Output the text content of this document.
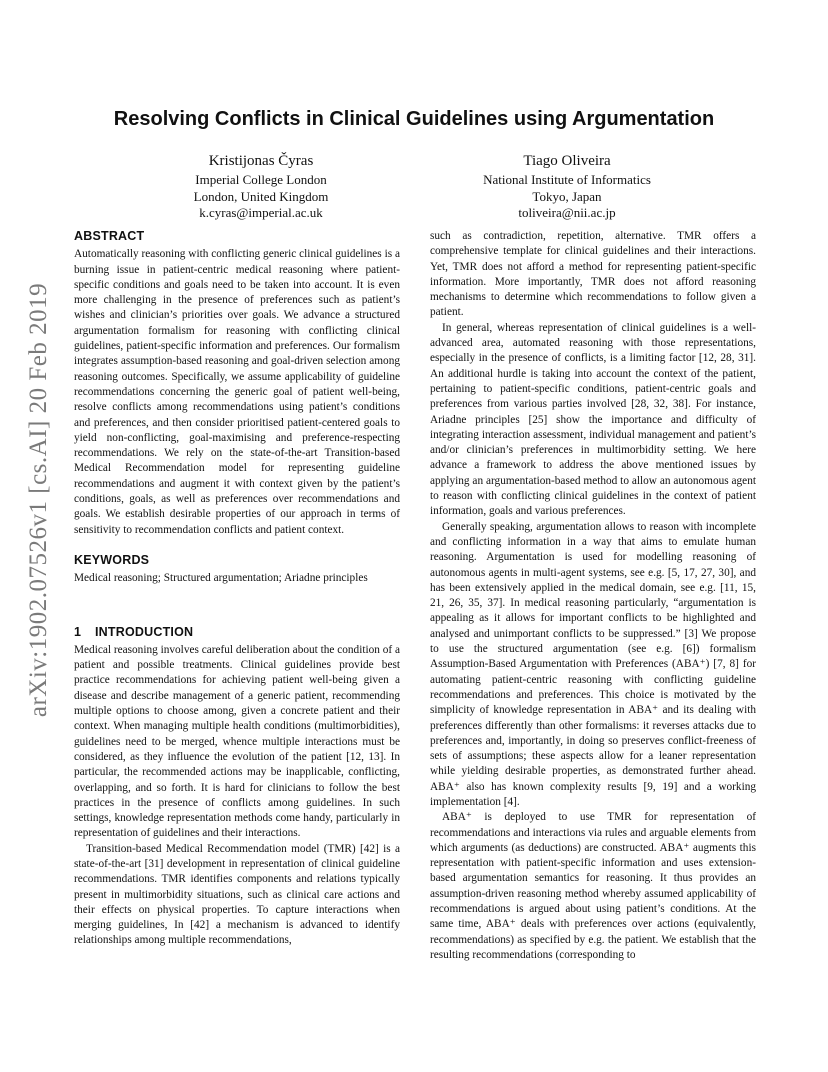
arXiv:1902.07526v1 [cs.AI] 20 Feb 2019
Resolving Conflicts in Clinical Guidelines using Argumentation
Kristijonas Čyras
Imperial College London
London, United Kingdom
k.cyras@imperial.ac.uk
Tiago Oliveira
National Institute of Informatics
Tokyo, Japan
toliveira@nii.ac.jp
ABSTRACT

Automatically reasoning with conflicting generic clinical guidelines is a burning issue in patient-centric medical reasoning where patient-specific conditions and goals need to be taken into account. It is even more challenging in the presence of preferences such as patient’s wishes and clinician’s priorities over goals. We advance a structured argumentation formalism for reasoning with conflicting clinical guidelines, patient-specific information and preferences. Our formalism integrates assumption-based reasoning and goal-driven selection among reasoning outcomes. Specifically, we assume applicability of guideline recommendations concerning the generic goal of patient well-being, resolve conflicts among recommendations using patient’s conditions and preferences, and then consider prioritised patient-centered goals to yield non-conflicting, goal-maximising and preference-respecting recommendations. We rely on the state-of-the-art Transition-based Medical Recommendation model for representing guideline recommendations and augment it with context given by the patient’s conditions, goals, as well as preferences over recommendations and goals. We establish desirable properties of our approach in terms of sensitivity to recommendation conflicts and patient context.

KEYWORDS

Medical reasoning; Structured argumentation; Ariadne principles

1 INTRODUCTION

Medical reasoning involves careful deliberation about the condition of a patient and possible treatments. Clinical guidelines provide best practice recommendations for achieving patient well-being given a disease and describe management of a generic patient, recommending multiple options to choose among, given a concrete patient and their context. When managing multiple health conditions (multimorbidities), guidelines need to be merged, whence multiple interactions must be considered, as they influence the evolution of the patient [12, 13]. In particular, the recommended actions may be inapplicable, conflicting, overlapping, and so forth. It is hard for clinicians to follow the best practices in the presence of conflicts among guidelines. In such settings, knowledge representation methods come handy, particularly in representation of guidelines and their interactions.

Transition-based Medical Recommendation model (TMR) [42] is a state-of-the-art [31] development in representation of clinical guideline recommendations. TMR identifies components and relations typically present in multimorbidity situations, such as clinical care actions and their effects on physical properties. To capture interactions when merging guidelines, In [42] a mechanism is advanced to identify relationships among multiple recommendations,

such as contradiction, repetition, alternative. TMR offers a comprehensive template for clinical guidelines and their interactions. Yet, TMR does not afford a method for representing patient-specific information. More importantly, TMR does not afford reasoning mechanisms to determine which recommendations to follow given a patient.

In general, whereas representation of clinical guidelines is a well-advanced area, automated reasoning with those representations, especially in the presence of conflicts, is a limiting factor [12, 28, 31]. An additional hurdle is taking into account the context of the patient, pertaining to patient-specific conditions, patient-centric goals and preferences from various parties involved [28, 32, 38]. For instance, Ariadne principles [25] show the importance and difficulty of integrating interaction assessment, individual management and patient’s and/or clinician’s preferences in multimorbidity setting. We here advance a framework to address the above mentioned issues by applying an argumentation-based method to allow an autonomous agent to reason with conflicting clinical guidelines in the context of patient information, goals and various preferences.

Generally speaking, argumentation allows to reason with incomplete and conflicting information in a way that aims to emulate human reasoning. Argumentation is used for modelling reasoning of autonomous agents in multi-agent systems, see e.g. [5, 17, 27, 30], and has been extensively applied in the medical domain, see e.g. [11, 15, 21, 26, 35, 37]. In medical reasoning particularly, “argumentation is appealing as it allows for important conflicts to be highlighted and analysed and unimportant conflicts to be suppressed.” [3] We propose to use the structured argumentation (see e.g. [6]) formalism Assumption-Based Argumentation with Preferences (ABA⁺) [7, 8] for automating patient-centric reasoning with conflicting guideline recommendations and preferences. This choice is motivated by the simplicity of knowledge representation in ABA⁺ and its dealing with preferences differently than other formalisms: it reverses attacks due to preferences and, importantly, in doing so preserves conflict-freeness of sets of assumptions; these aspects allow for a leaner representation while yielding desirable properties, as demonstrated further ahead. ABA⁺ also has known complexity results [9, 19] and a working implementation [4].

ABA⁺ is deployed to use TMR for representation of recommendations and interactions via rules and arguable elements from which arguments (as deductions) are constructed. ABA⁺ augments this representation with patient-specific information and uses extension-based argumentation semantics for reasoning. It thus provides an assumption-driven reasoning method whereby assumed applicability of recommendations is argued about using patient’s conditions. At the same time, ABA⁺ deals with preferences over actions (equivalently, recommendations) as specified by e.g. the patient. We establish that the resulting recommendations (corresponding to
